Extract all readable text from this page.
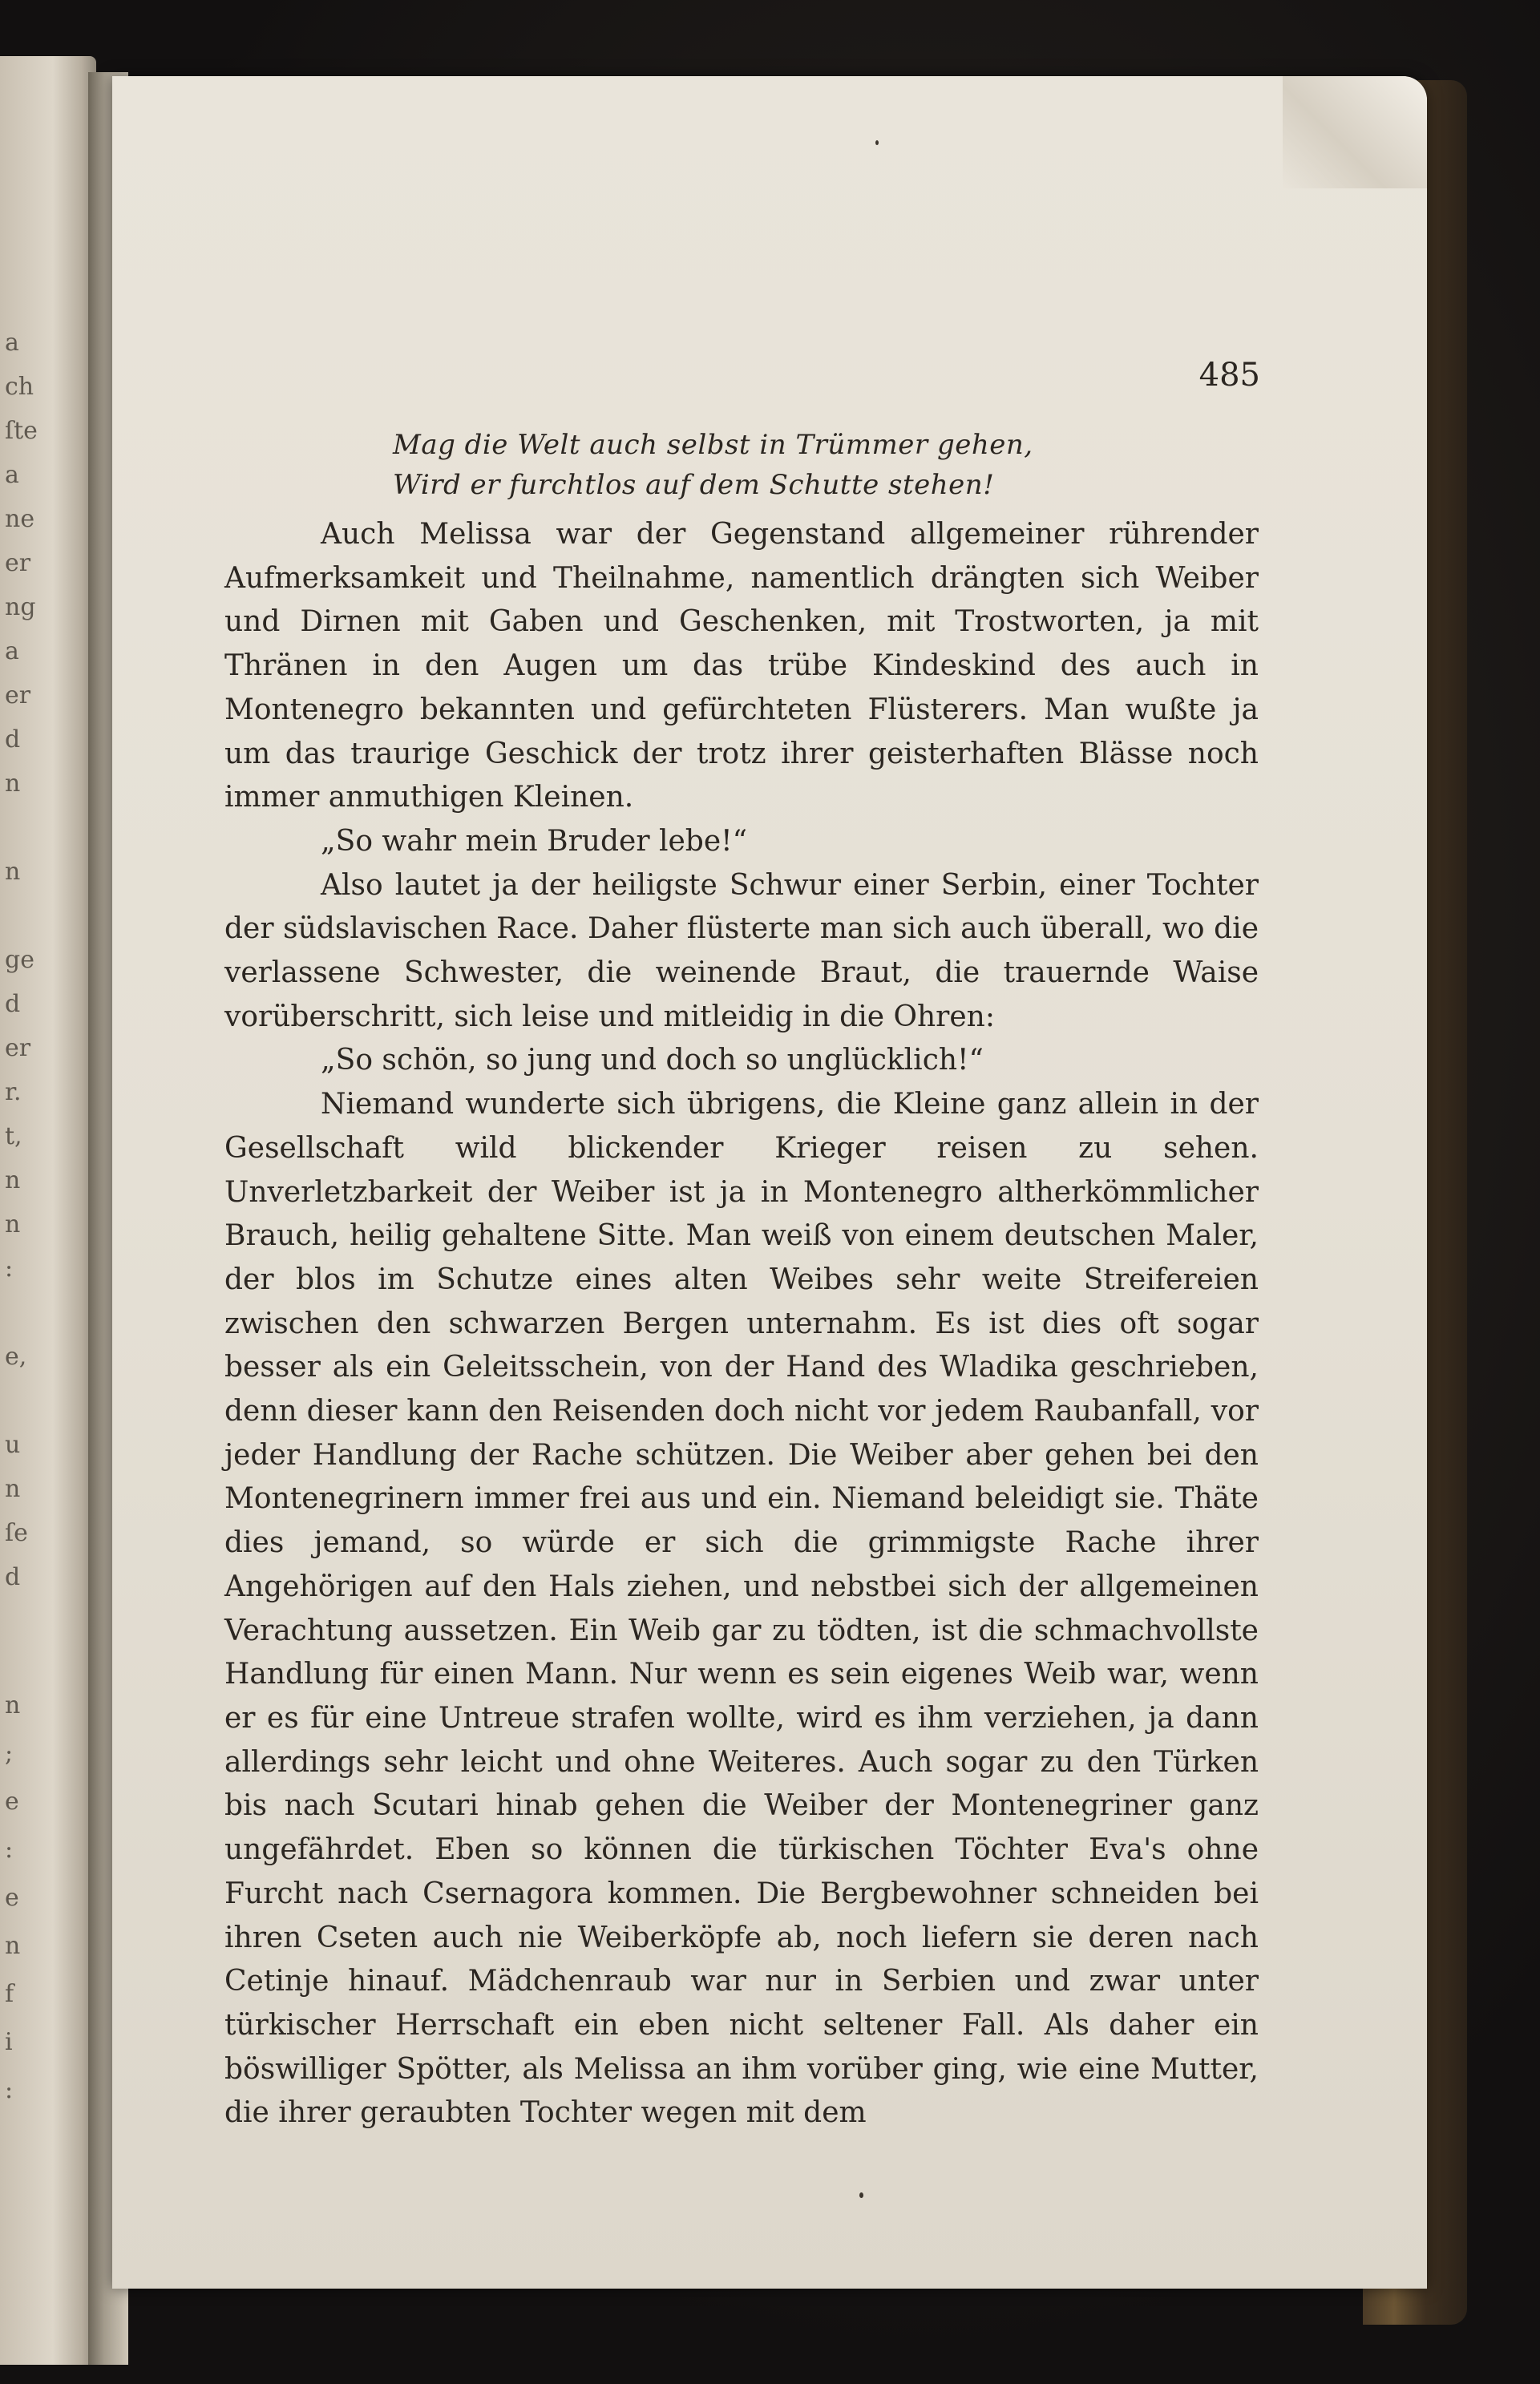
a
ch
ſte
a
ne
er
ng
a
er
d
n
n
ge
d
er
r.
t,
n
n
:
e,
u
n
ſe
d
n
;
e
:
e
n
f
i
:
485

Mag die Welt auch selbst in Trümmer gehen,

Wird er furchtlos auf dem Schutte stehen!

Auch Melissa war der Gegenstand allgemeiner rührender Aufmerksamkeit und Theilnahme, namentlich drängten sich Weiber und Dirnen mit Gaben und Geschenken, mit Trostworten, ja mit Thränen in den Augen um das trübe Kindeskind des auch in Montenegro bekannten und gefürchteten Flüsterers. Man wußte ja um das traurige Geschick der trotz ihrer geisterhaften Blässe noch immer anmuthigen Kleinen.

„So wahr mein Bruder lebe!“

Also lautet ja der heiligste Schwur einer Serbin, einer Tochter der südslavischen Race. Daher flüsterte man sich auch überall, wo die verlassene Schwester, die weinende Braut, die trauernde Waise vorüberschritt, sich leise und mitleidig in die Ohren:

„So schön, so jung und doch so unglücklich!“

Niemand wunderte sich übrigens, die Kleine ganz allein in der Gesellschaft wild blickender Krieger reisen zu sehen. Unverletzbarkeit der Weiber ist ja in Montenegro altherkömmlicher Brauch, heilig gehaltene Sitte. Man weiß von einem deutschen Maler, der blos im Schutze eines alten Weibes sehr weite Streifereien zwischen den schwarzen Bergen unternahm. Es ist dies oft sogar besser als ein Geleitsschein, von der Hand des Wladika geschrieben, denn dieser kann den Reisenden doch nicht vor jedem Raubanfall, vor jeder Handlung der Rache schützen. Die Weiber aber gehen bei den Montenegrinern immer frei aus und ein. Niemand beleidigt sie. Thäte dies jemand, so würde er sich die grimmigste Rache ihrer Angehörigen auf den Hals ziehen, und nebstbei sich der allgemeinen Verachtung aussetzen. Ein Weib gar zu tödten, ist die schmachvollste Handlung für einen Mann. Nur wenn es sein eigenes Weib war, wenn er es für eine Untreue strafen wollte, wird es ihm verziehen, ja dann allerdings sehr leicht und ohne Weiteres. Auch sogar zu den Türken bis nach Scutari hinab gehen die Weiber der Montenegriner ganz ungefährdet. Eben so können die türkischen Töchter Eva's ohne Furcht nach Csernagora kommen. Die Bergbewohner schneiden bei ihren Cseten auch nie Weiberköpfe ab, noch liefern sie deren nach Cetinje hinauf. Mädchenraub war nur in Serbien und zwar unter türkischer Herrschaft ein eben nicht seltener Fall. Als daher ein böswilliger Spötter, als Melissa an ihm vorüber ging, wie eine Mutter, die ihrer geraubten Tochter wegen mit dem
